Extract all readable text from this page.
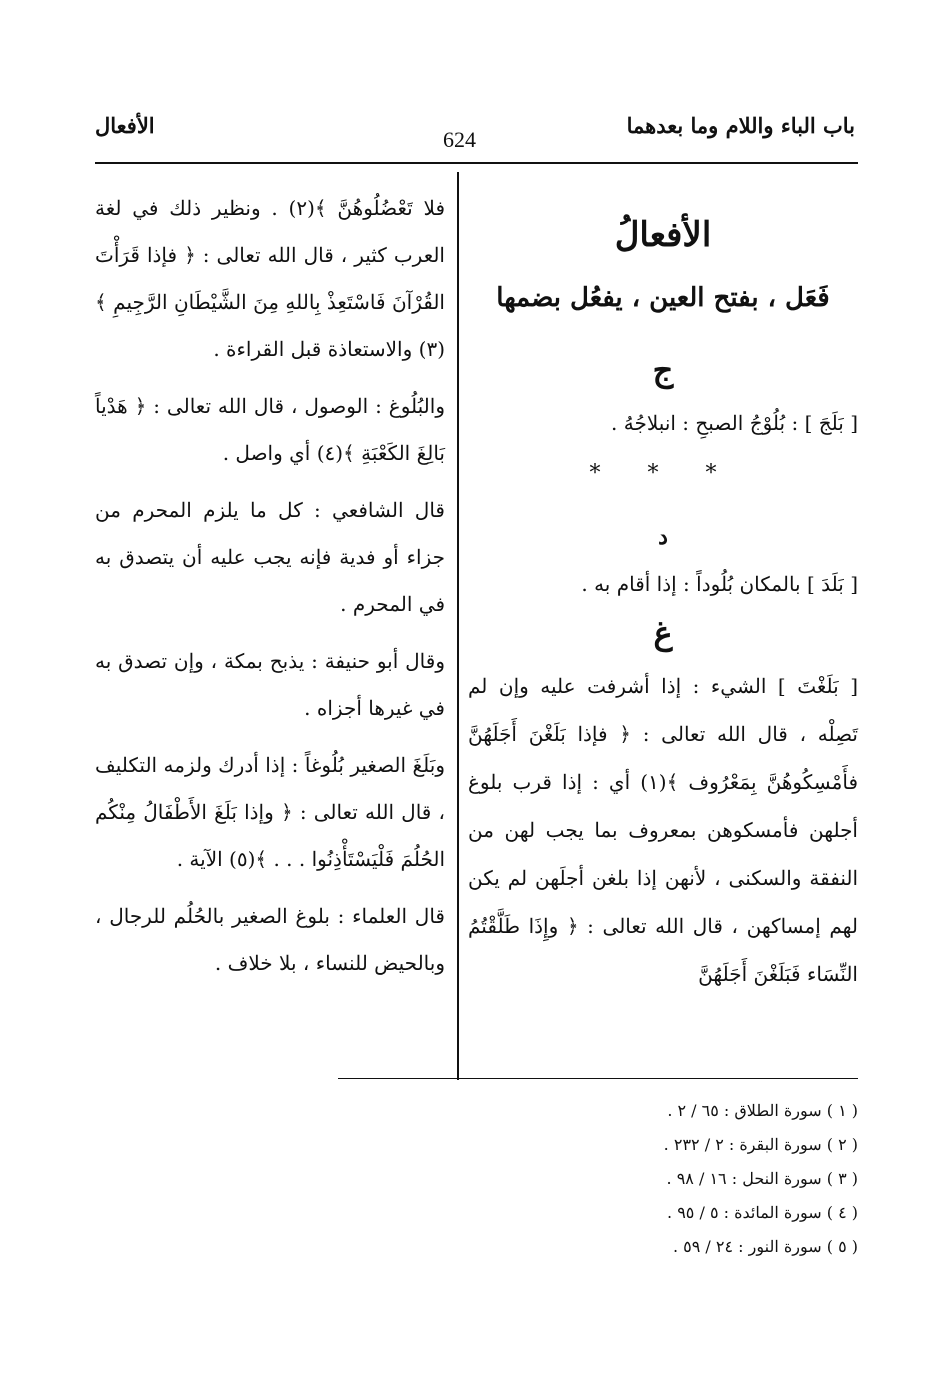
باب الباء واللام وما بعدهما
624
الأفعال
الأفعالُ
فَعَل ، بفتح العين ، يفعُل بضمها
ج
[ بَلَجَ ] : بُلُوْجُ الصبحِ : انبلاجُهُ .
* * *
د
[ بَلَدَ ] بالمكان بُلُوداً : إذا أقام به .
غ
[ بَلَغْتَ ] الشيء : إذا أشرفت عليه وإن لم تَصِلْه ، قال الله تعالى : ﴿ فإذا بَلَغْنَ أَجَلَهُنَّ فأَمْسِكُوهُنَّ بِمَعْرُوف ﴾(١) أي : إذا قرب بلوغ أجلهن فأمسكوهن بمعروف بما يجب لهن من النفقة والسكنى ، لأنهن إذا بلغن أجلَهن لم يكن لهم إمساكهن ، قال الله تعالى : ﴿ وإِذَا طَلَّقْتُمُ النِّسَاء فَبَلَغْنَ أَجَلَهُنَّ
فلا تَعْضُلُوهُنَّ ﴾(٢) . ونظير ذلك في لغة العرب كثير ، قال الله تعالى : ﴿ فإذا قَرَأْتَ القُرْآنَ فَاسْتَعِذْ بِاللهِ مِنَ الشَّيْطَانِ الرَّجِيمِ ﴾(٣) والاستعاذة قبل القراءة .
والبُلُوغ : الوصول ، قال الله تعالى : ﴿ هَدْياً بَالِغَ الكَعْبَةِ ﴾(٤) أي واصل .
قال الشافعي : كل ما يلزم المحرم من جزاء أو فدية فإنه يجب عليه أن يتصدق به في المحرم .
وقال أبو حنيفة : يذبح بمكة ، وإن تصدق به في غيرها أجزاه .
وبَلَغَ الصغير بُلُوغاً : إذا أدرك ولزمه التكليف ، قال الله تعالى : ﴿ وإذا بَلَغَ الأَطْفَالُ مِنْكُم الحُلُمَ فَلْيَسْتَأْذِنُوا . . . ﴾(٥) الآية .
قال العلماء : بلوغ الصغير بالحُلُم للرجال ، وبالحيض للنساء ، بلا خلاف .
( ١ ) سورة الطلاق : ٦٥ / ٢ .
( ٢ ) سورة البقرة : ٢ / ٢٣٢ .
( ٣ ) سورة النحل : ١٦ / ٩٨ .
( ٤ ) سورة المائدة : ٥ / ٩٥ .
( ٥ ) سورة النور : ٢٤ / ٥٩ .
